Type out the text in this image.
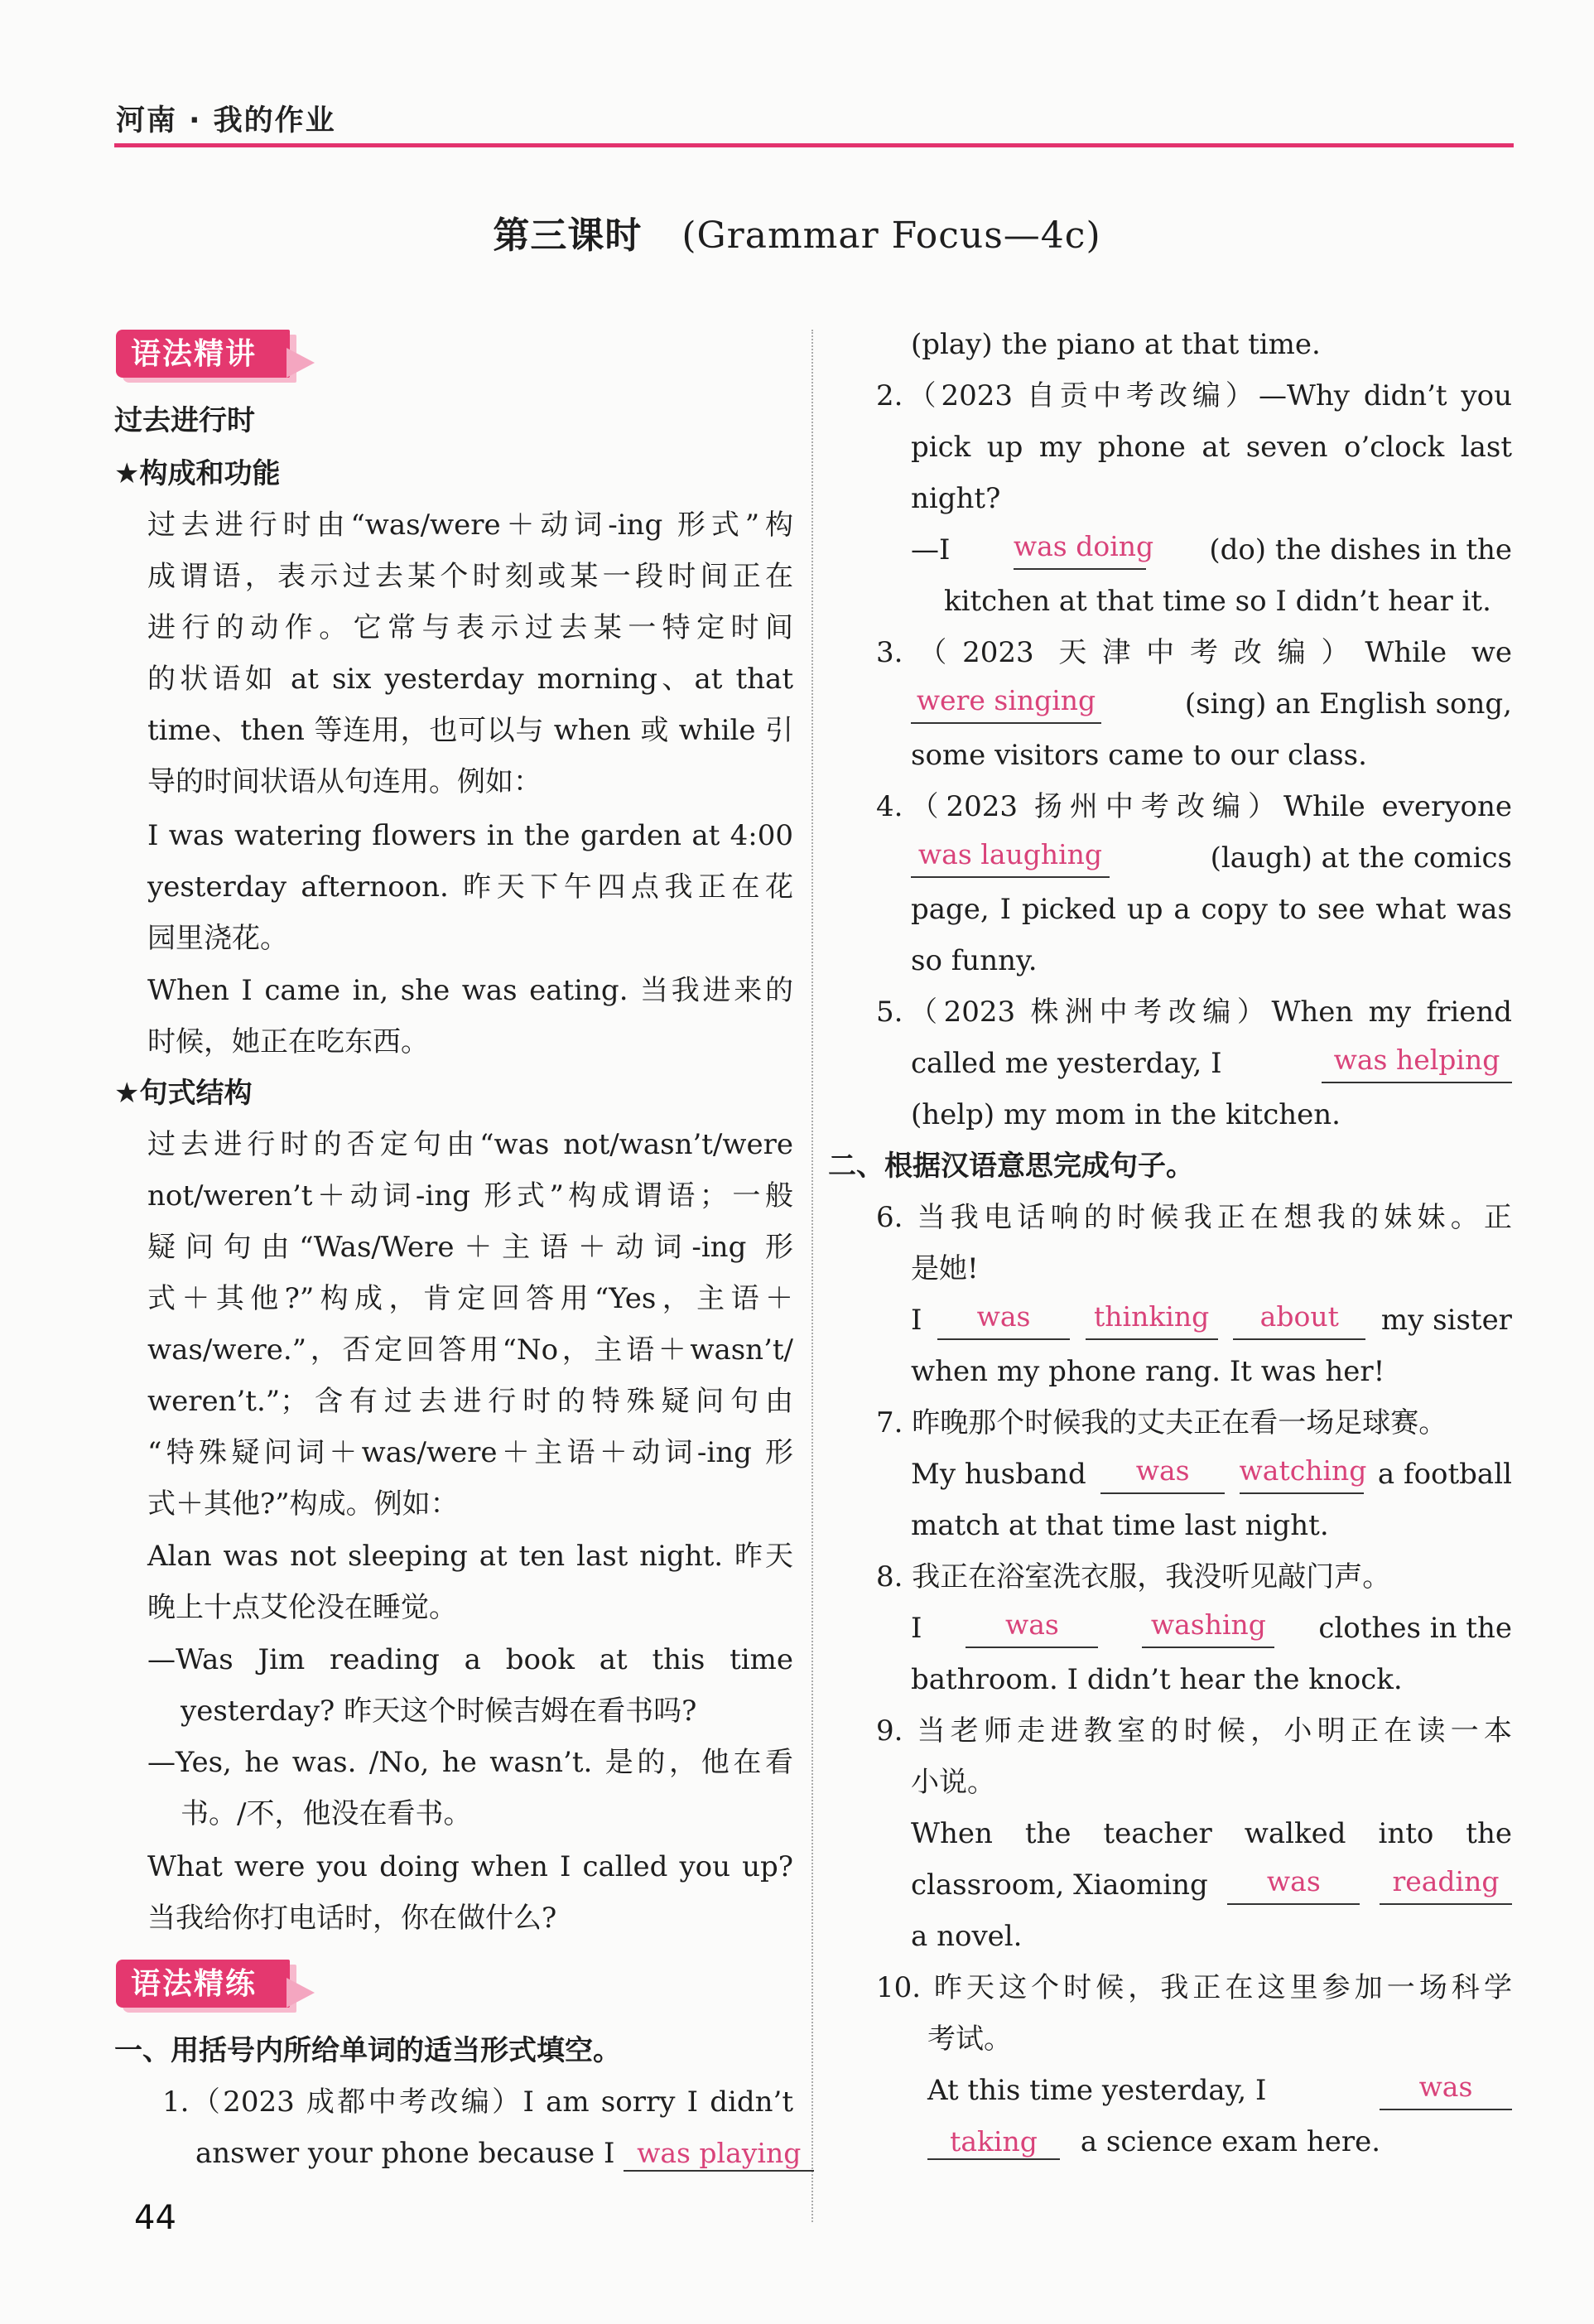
河南 · 我的作业
第三课时 (Grammar Focus—4c)
语法精讲
过去进行时
★构成和功能
过去进行时由“was/were＋动词-ing 形式”构
成谓语，表示过去某个时刻或某一段时间正在
进行的动作。它常与表示过去某一特定时间
的状语如 at six yesterday morning、at that
time、then 等连用，也可以与 when 或 while 引
导的时间状语从句连用。例如：
I was watering flowers in the garden at 4:00
yesterday afternoon. 昨天下午四点我正在花
园里浇花。
When I came in, she was eating. 当我进来的
时候，她正在吃东西。
★句式结构
过去进行时的否定句由“was not/wasn’t/were
not/weren’t＋动词-ing 形式”构成谓语；一般
疑问句由“Was/Were＋主语＋动词-ing 形
式＋其他?”构成，肯定回答用“Yes，主语＋
was/were.”，否定回答用“No，主语＋wasn’t/
weren’t.”；含有过去进行时的特殊疑问句由
“特殊疑问词＋was/were＋主语＋动词-ing 形
式＋其他?”构成。例如：
Alan was not sleeping at ten last night. 昨天
晚上十点艾伦没在睡觉。
—Was Jim reading a book at this time
yesterday? 昨天这个时候吉姆在看书吗?
—Yes, he was. /No, he wasn’t. 是的，他在看
书。/不，他没在看书。
What were you doing when I called you up?
当我给你打电话时，你在做什么?
语法精练
一、用括号内所给单词的适当形式填空。
1.（2023 成都中考改编）I am sorry I didn’t
answer your phone because I was playing
44
(play) the piano at that time.
2.（2023 自贡中考改编）—Why didn’t you
pick up my phone at seven o’clock last
night?
—I was doing (do) the dishes in the
kitchen at that time so I didn’t hear it.
3.（2023 天津中考改编）While we
were singing	(sing) an English song,
some visitors came to our class.
4.（2023 扬州中考改编）While everyone
was laughing	(laugh) at the comics
page, I picked up a copy to see what was
so funny.
5.（2023 株洲中考改编）When my friend
called me yesterday, I	was helping
(help) my mom in the kitchen.
二、根据汉语意思完成句子。
6. 当我电话响的时候我正在想我的妹妹。正
是她!
I	was	thinking	about	my sister
when my phone rang. It was her!
7. 昨晚那个时候我的丈夫正在看一场足球赛。
My husband	was	watching a football
match at that time last night.
8. 我正在浴室洗衣服，我没听见敲门声。
I	was	washing	clothes in the
bathroom. I didn’t hear the knock.
9. 当老师走进教室的时候，小明正在读一本
小说。
When the teacher walked into the
classroom, Xiaoming	was	reading
a novel.
10. 昨天这个时候，我正在这里参加一场科学
考试。
At this time yesterday, I	was
taking a science exam here.
